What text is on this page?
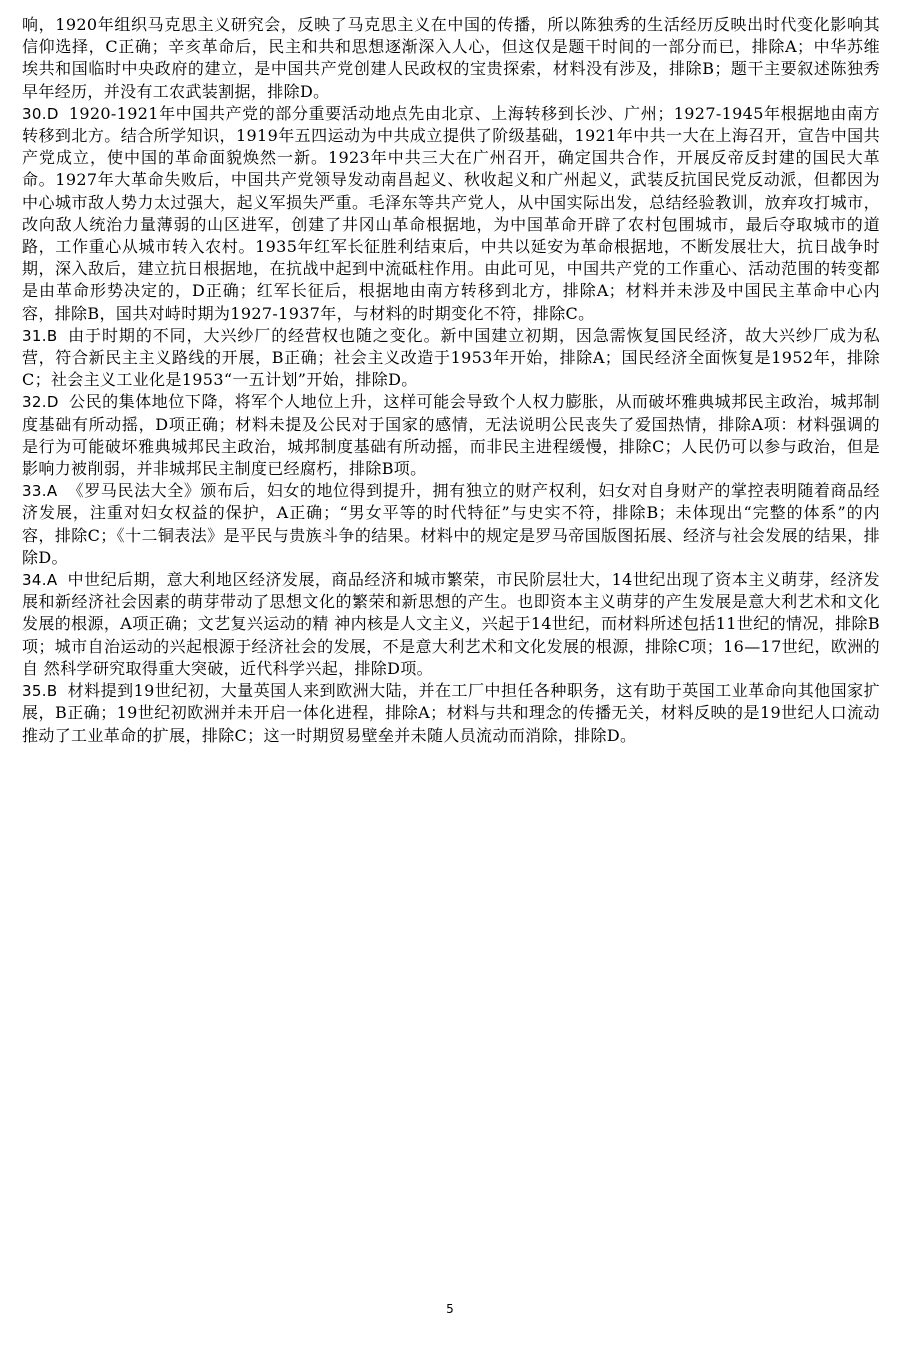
响，1920年组织马克思主义研究会，反映了马克思主义在中国的传播，所以陈独秀的生活经历反映出时代变化影响其信仰选择，C正确；辛亥革命后，民主和共和思想逐渐深入人心，但这仅是题干时间的一部分而已，排除A；中华苏维埃共和国临时中央政府的建立，是中国共产党创建人民政权的宝贵探索，材料没有涉及，排除B；题干主要叙述陈独秀早年经历，并没有工农武装割据，排除D。

30.D 1920-1921年中国共产党的部分重要活动地点先由北京、上海转移到长沙、广州；1927-1945年根据地由南方转移到北方。结合所学知识，1919年五四运动为中共成立提供了阶级基础，1921年中共一大在上海召开，宣告中国共产党成立，使中国的革命面貌焕然一新。1923年中共三大在广州召开，确定国共合作，开展反帝反封建的国民大革命。1927年大革命失败后，中国共产党领导发动南昌起义、秋收起义和广州起义，武装反抗国民党反动派，但都因为中心城市敌人势力太过强大，起义军损失严重。毛泽东等共产党人，从中国实际出发，总结经验教训，放弃攻打城市，改向敌人统治力量薄弱的山区进军，创建了井冈山革命根据地，为中国革命开辟了农村包围城市，最后夺取城市的道路，工作重心从城市转入农村。1935年红军长征胜利结束后，中共以延安为革命根据地，不断发展壮大，抗日战争时期，深入敌后，建立抗日根据地，在抗战中起到中流砥柱作用。由此可见，中国共产党的工作重心、活动范围的转变都是由革命形势决定的，D正确；红军长征后，根据地由南方转移到北方，排除A；材料并未涉及中国民主革命中心内容，排除B，国共对峙时期为1927-1937年，与材料的时期变化不符，排除C。

31.B 由于时期的不同，大兴纱厂的经营权也随之变化。新中国建立初期，因急需恢复国民经济，故大兴纱厂成为私营，符合新民主主义路线的开展，B正确；社会主义改造于1953年开始，排除A；国民经济全面恢复是1952年，排除C；社会主义工业化是1953“一五计划”开始，排除D。

32.D 公民的集体地位下降，将军个人地位上升，这样可能会导致个人权力膨胀，从而破坏雅典城邦民主政治，城邦制度基础有所动摇，D项正确；材料未提及公民对于国家的感情，无法说明公民丧失了爱国热情，排除A项：材料强调的是行为可能破坏雅典城邦民主政治，城邦制度基础有所动摇，而非民主进程缓慢，排除C；人民仍可以参与政治，但是影响力被削弱，并非城邦民主制度已经腐朽，排除B项。

33.A 《罗马民法大全》颁布后，妇女的地位得到提升，拥有独立的财产权利，妇女对自身财产的掌控表明随着商品经济发展，注重对妇女权益的保护，A正确；“男女平等的时代特征”与史实不符，排除B；未体现出“完整的体系”的内容，排除C；《十二铜表法》是平民与贵族斗争的结果。材料中的规定是罗马帝国版图拓展、经济与社会发展的结果，排除D。

34.A 中世纪后期，意大利地区经济发展，商品经济和城市繁荣，市民阶层壮大，14世纪出现了资本主义萌芽，经济发展和新经济社会因素的萌芽带动了思想文化的繁荣和新思想的产生。也即资本主义萌芽的产生发展是意大利艺术和文化发展的根源，A项正确；文艺复兴运动的精 神内核是人文主义，兴起于14世纪，而材料所述包括11世纪的情况，排除B项；城市自治运动的兴起根源于经济社会的发展，不是意大利艺术和文化发展的根源，排除C项；16—17世纪，欧洲的自 然科学研究取得重大突破，近代科学兴起，排除D项。

35.B 材料提到19世纪初，大量英国人来到欧洲大陆，并在工厂中担任各种职务，这有助于英国工业革命向其他国家扩展，B正确；19世纪初欧洲并未开启一体化进程，排除A；材料与共和理念的传播无关，材料反映的是19世纪人口流动推动了工业革命的扩展，排除C；这一时期贸易壁垒并未随人员流动而消除，排除D。

5
